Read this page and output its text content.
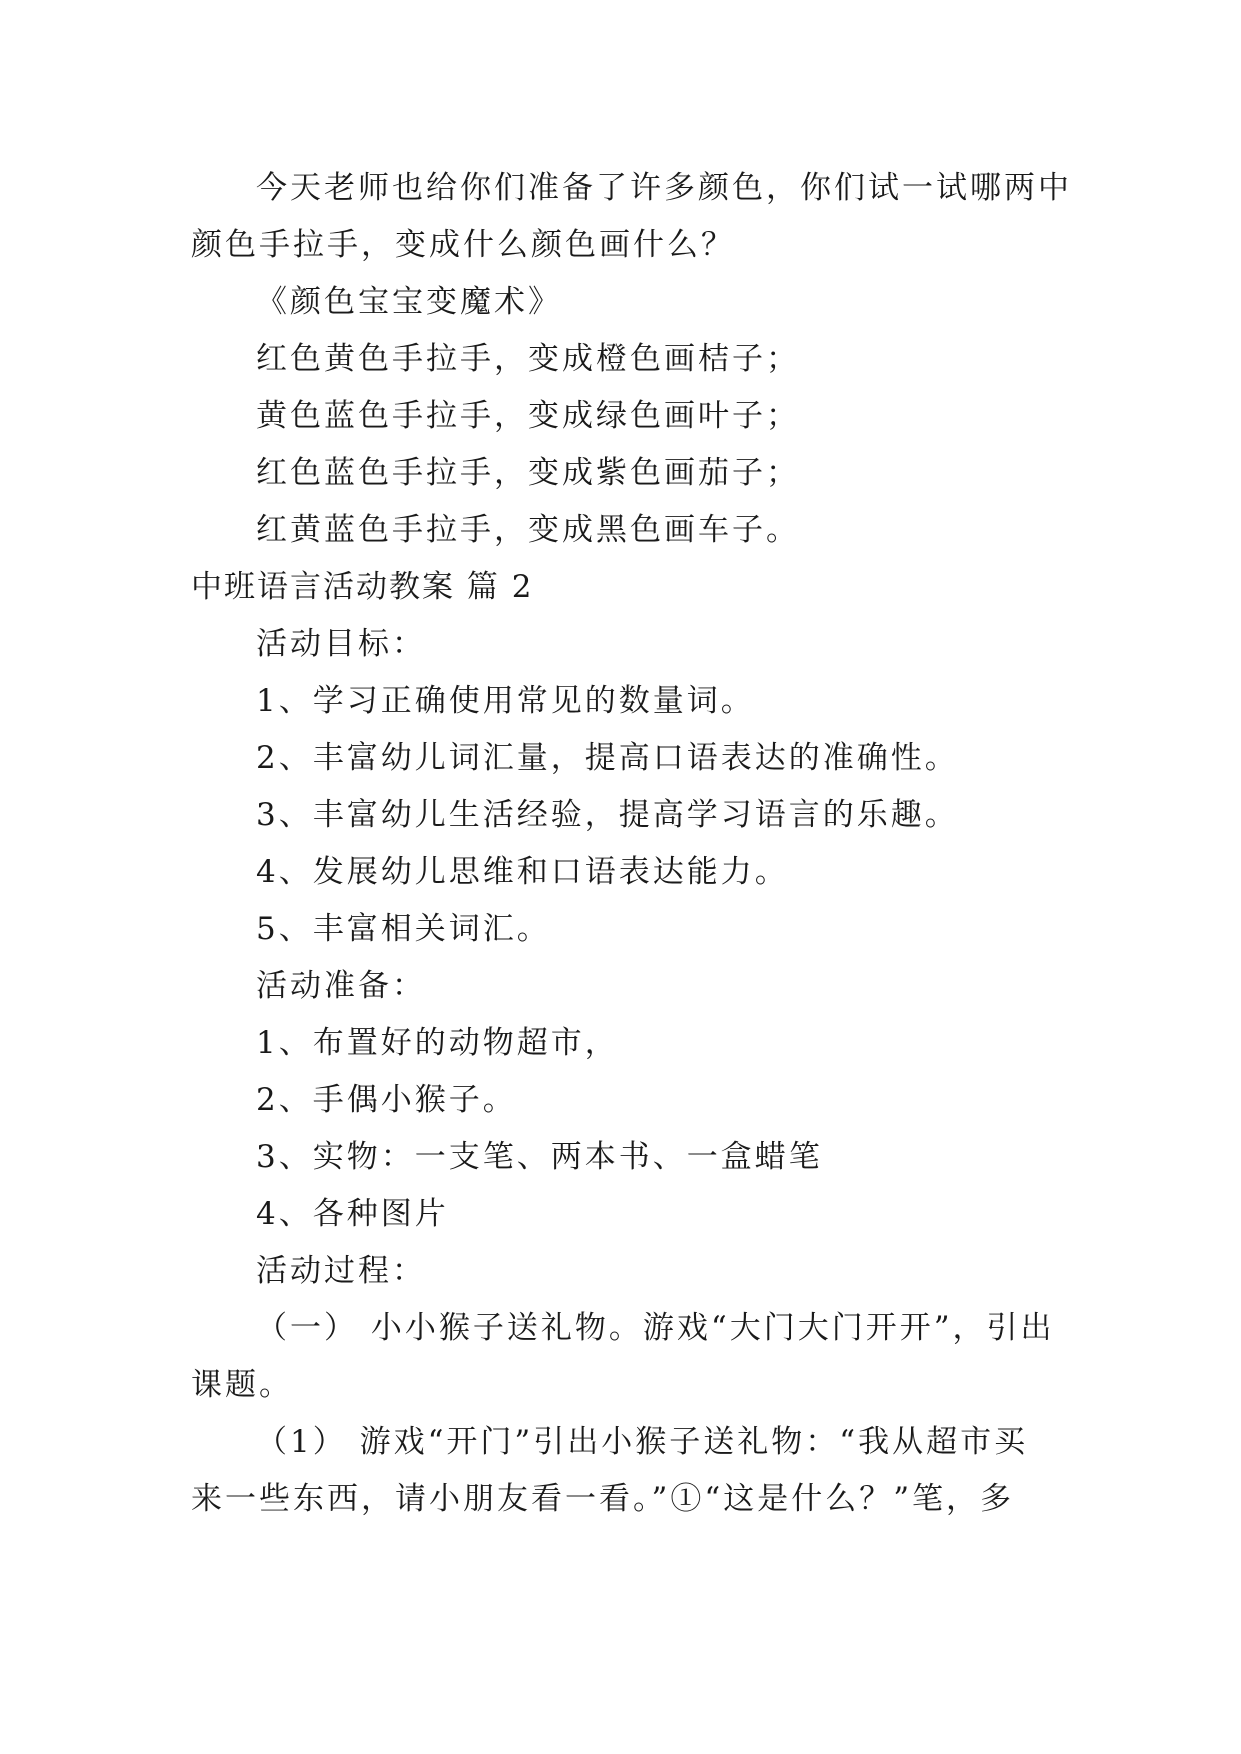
今天老师也给你们准备了许多颜色，你们试一试哪两中
颜色手拉手，变成什么颜色画什么？
《颜色宝宝变魔术》
红色黄色手拉手，变成橙色画桔子；
黄色蓝色手拉手，变成绿色画叶子；
红色蓝色手拉手，变成紫色画茄子；
红黄蓝色手拉手，变成黑色画车子。
中班语言活动教案 篇 2
活动目标：
1、学习正确使用常见的数量词。
2、丰富幼儿词汇量，提高口语表达的准确性。
3、丰富幼儿生活经验，提高学习语言的乐趣。
4、发展幼儿思维和口语表达能力。
5、丰富相关词汇。
活动准备：
1、布置好的动物超市，
2、手偶小猴子。
3、实物：一支笔、两本书、一盒蜡笔
4、各种图片
活动过程：
（一） 小小猴子送礼物。游戏“大门大门开开”，引出
课题。
（1） 游戏“开门”引出小猴子送礼物：“我从超市买
来一些东西，请小朋友看一看。”①“这是什么？”笔，多
